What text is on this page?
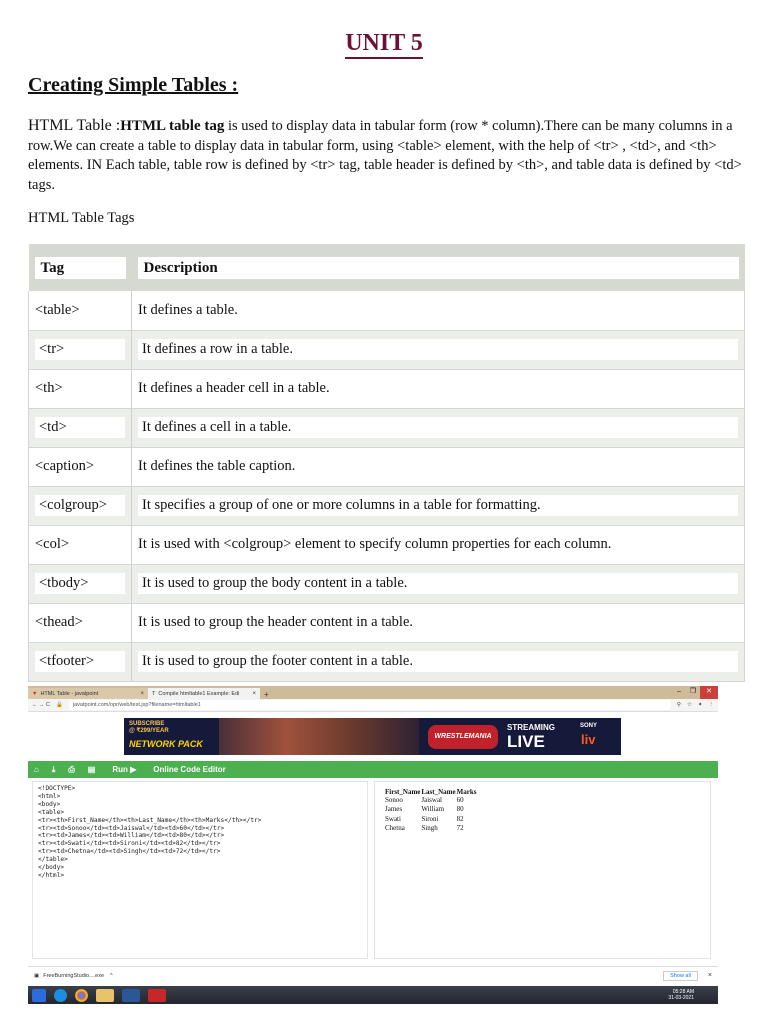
UNIT 5
Creating Simple Tables :

HTML Table :HTML table tag is used to display data in tabular form (row * column).There can be many columns in a row.We can create a table to display data in tabular form, using <table> element, with the help of <tr> , <td>, and <th> elements. IN Each table, table row is defined by <tr> tag, table header is defined by <th>, and table data is defined by <td> tags.

HTML Table Tags
Tag	Description

<table>	It defines a table.

<tr>	It defines a row in a table.

<th>	It defines a header cell in a table.

<td>	It defines a cell in a table.

<caption>	It defines the table caption.

<colgroup>	It specifies a group of one or more columns in a table for formatting.

<col>	It is used with <colgroup> element to specify column properties for each column.

<tbody>	It is used to group the body content in a table.

<thead>	It is used to group the header content in a table.

<tfooter>	It is used to group the footer content in a table.
▼ HTML Table - javatpoint	× T Compile htmltable1 Example: Edi ×	+	–	❐	✕
← → C 🔒	javatpoint.com/opr/web/test.jsp?filename=htmltable1	⚲ ☆ ✦ ⋮
SUBSCRIBE
@ ₹299/YEAR
NETWORK PACK
WRESTLEMANIA
STREAMING
LIVE
SONY
liv
⌂ ⤓ ⎙ ▤	Run ▶	Online Code Editor
<!DOCTYPE>
<html>
<body>
<table>
<tr><th>First_Name</th><th>Last_Name</th><th>Marks</th></tr>
<tr><td>Sonoo</td><td>Jaiswal</td><td>60</td></tr>
<tr><td>James</td><td>William</td><td>80</td></tr>
<tr><td>Swati</td><td>Sironi</td><td>82</td></tr>
<tr><td>Chetna</td><td>Singh</td><td>72</td></tr>
</table>
</body>
</html>
First_Name	Last_Name	Marks
Sonoo	Jaiswal	60
James	William	80
Swati	Sironi	82
Chetna	Singh	72
▣ FreeBurningStudio....exe ^	Show all	×
05:28 AM
31-03-2021
